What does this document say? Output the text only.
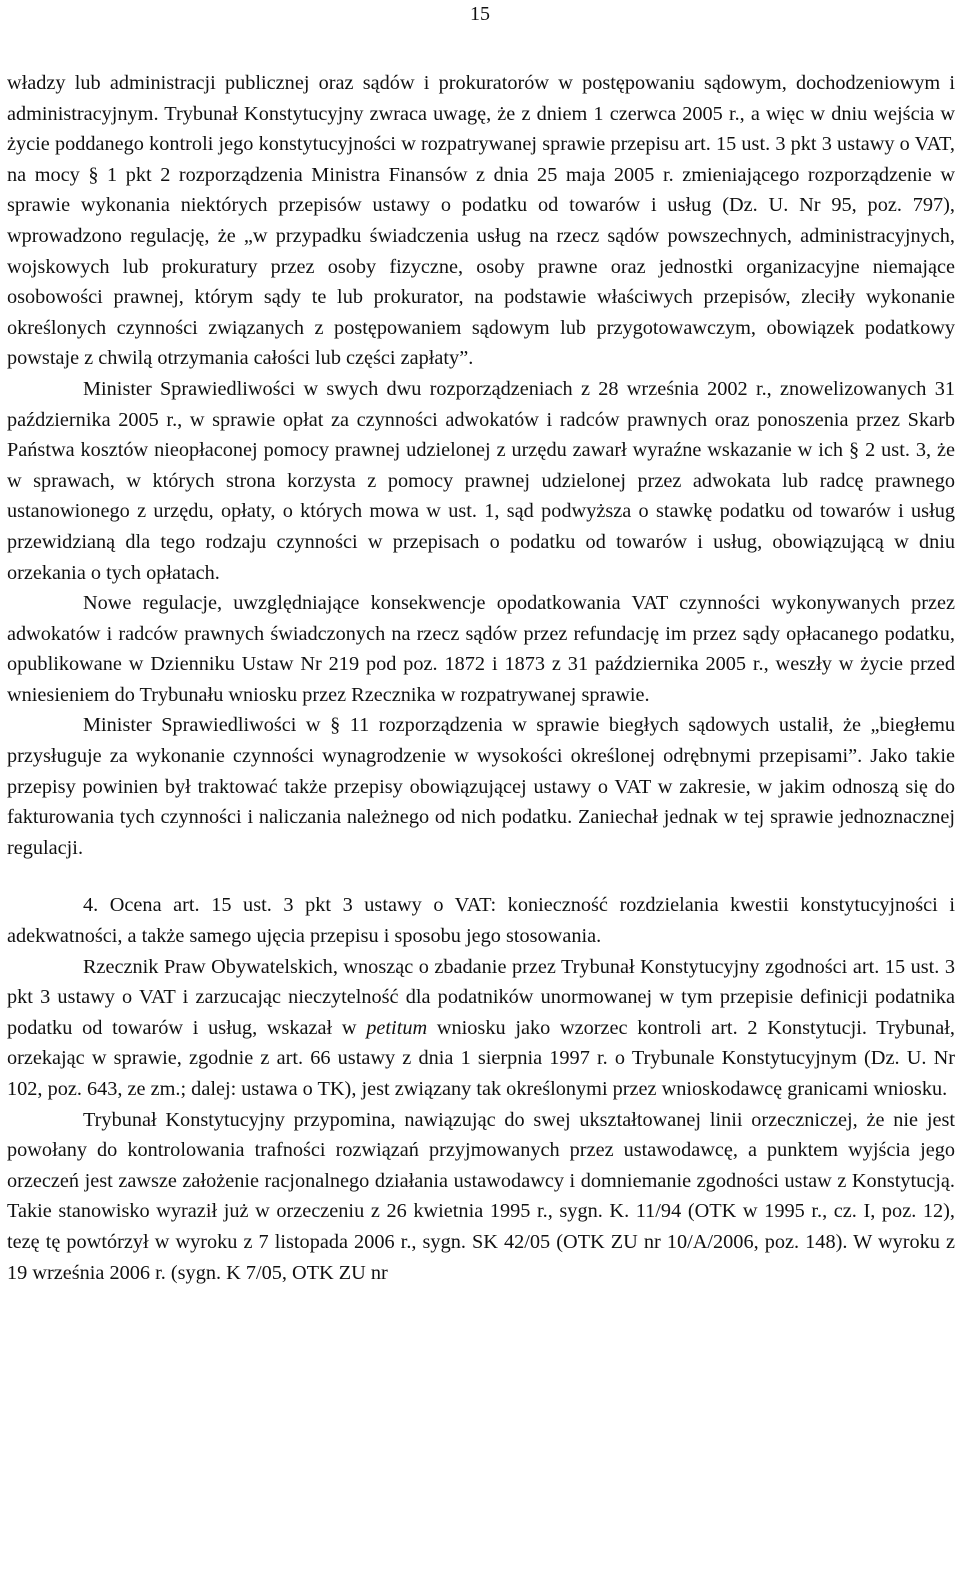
15

władzy lub administracji publicznej oraz sądów i prokuratorów w postępowaniu sądowym, dochodzeniowym i administracyjnym. Trybunał Konstytucyjny zwraca uwagę, że z dniem 1 czerwca 2005 r., a więc w dniu wejścia w życie poddanego kontroli jego konstytucyjności w rozpatrywanej sprawie przepisu art. 15 ust. 3 pkt 3 ustawy o VAT, na mocy § 1 pkt 2 rozporządzenia Ministra Finansów z dnia 25 maja 2005 r. zmieniającego rozporządzenie w sprawie wykonania niektórych przepisów ustawy o podatku od towarów i usług (Dz. U. Nr 95, poz. 797), wprowadzono regulację, że „w przypadku świadczenia usług na rzecz sądów powszechnych, administracyjnych, wojskowych lub prokuratury przez osoby fizyczne, osoby prawne oraz jednostki organizacyjne niemające osobowości prawnej, którym sądy te lub prokurator, na podstawie właściwych przepisów, zleciły wykonanie określonych czynności związanych z postępowaniem sądowym lub przygotowawczym, obowiązek podatkowy powstaje z chwilą otrzymania całości lub części zapłaty”.

Minister Sprawiedliwości w swych dwu rozporządzeniach z 28 września 2002 r., znowelizowanych 31 października 2005 r., w sprawie opłat za czynności adwokatów i radców prawnych oraz ponoszenia przez Skarb Państwa kosztów nieopłaconej pomocy prawnej udzielonej z urzędu zawarł wyraźne wskazanie w ich § 2 ust. 3, że w sprawach, w których strona korzysta z pomocy prawnej udzielonej przez adwokata lub radcę prawnego ustanowionego z urzędu, opłaty, o których mowa w ust. 1, sąd podwyższa o stawkę podatku od towarów i usług przewidzianą dla tego rodzaju czynności w przepisach o podatku od towarów i usług, obowiązującą w dniu orzekania o tych opłatach.

Nowe regulacje, uwzględniające konsekwencje opodatkowania VAT czynności wykonywanych przez adwokatów i radców prawnych świadczonych na rzecz sądów przez refundację im przez sądy opłacanego podatku, opublikowane w Dzienniku Ustaw Nr 219 pod poz. 1872 i 1873 z 31 października 2005 r., weszły w życie przed wniesieniem do Trybunału wniosku przez Rzecznika w rozpatrywanej sprawie.

Minister Sprawiedliwości w § 11 rozporządzenia w sprawie biegłych sądowych ustalił, że „biegłemu przysługuje za wykonanie czynności wynagrodzenie w wysokości określonej odrębnymi przepisami”. Jako takie przepisy powinien był traktować także przepisy obowiązującej ustawy o VAT w zakresie, w jakim odnoszą się do fakturowania tych czynności i naliczania należnego od nich podatku. Zaniechał jednak w tej sprawie jednoznacznej regulacji.

4. Ocena art. 15 ust. 3 pkt 3 ustawy o VAT: konieczność rozdzielania kwestii konstytucyjności i adekwatności, a także samego ujęcia przepisu i sposobu jego stosowania.

Rzecznik Praw Obywatelskich, wnosząc o zbadanie przez Trybunał Konstytucyjny zgodności art. 15 ust. 3 pkt 3 ustawy o VAT i zarzucając nieczytelność dla podatników unormowanej w tym przepisie definicji podatnika podatku od towarów i usług, wskazał w petitum wniosku jako wzorzec kontroli art. 2 Konstytucji. Trybunał, orzekając w sprawie, zgodnie z art. 66 ustawy z dnia 1 sierpnia 1997 r. o Trybunale Konstytucyjnym (Dz. U. Nr 102, poz. 643, ze zm.; dalej: ustawa o TK), jest związany tak określonymi przez wnioskodawcę granicami wniosku.

Trybunał Konstytucyjny przypomina, nawiązując do swej ukształtowanej linii orzeczniczej, że nie jest powołany do kontrolowania trafności rozwiązań przyjmowanych przez ustawodawcę, a punktem wyjścia jego orzeczeń jest zawsze założenie racjonalnego działania ustawodawcy i domniemanie zgodności ustaw z Konstytucją. Takie stanowisko wyraził już w orzeczeniu z 26 kwietnia 1995 r., sygn. K. 11/94 (OTK w 1995 r., cz. I, poz. 12), tezę tę powtórzył w wyroku z 7 listopada 2006 r., sygn. SK 42/05 (OTK ZU nr 10/A/2006, poz. 148). W wyroku z 19 września 2006 r. (sygn. K 7/05, OTK ZU nr
